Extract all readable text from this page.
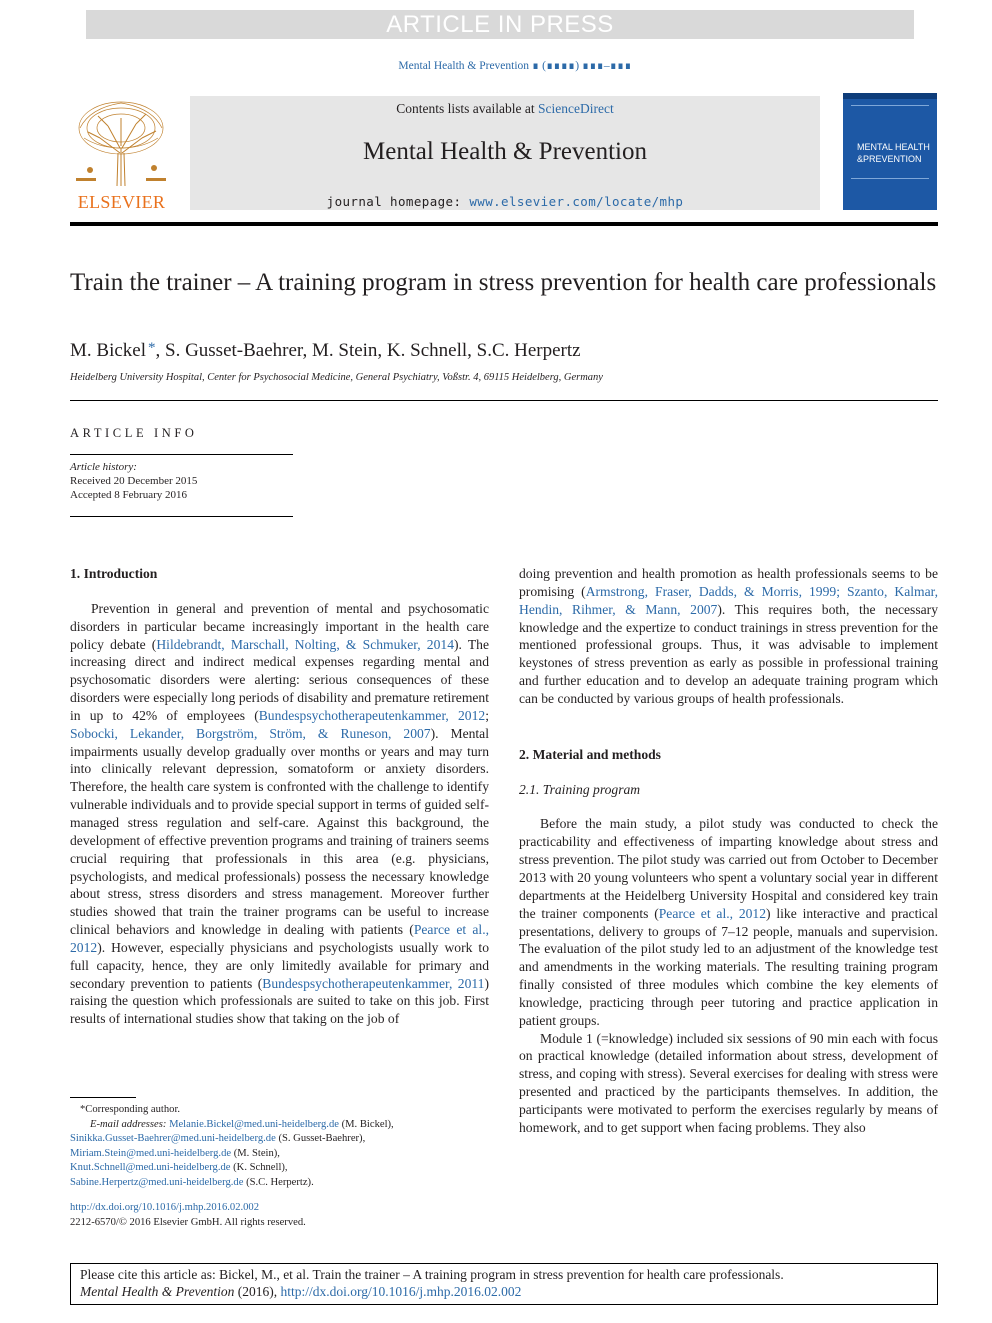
ARTICLE IN PRESS
Mental Health & Prevention ∎ (∎∎∎∎) ∎∎∎–∎∎∎
ELSEVIER
Contents lists available at ScienceDirect
Mental Health & Prevention
journal homepage: www.elsevier.com/locate/mhp
MENTAL HEALTH
&PREVENTION
Train the trainer – A training program in stress prevention for health care professionals
M. Bickel *, S. Gusset-Baehrer, M. Stein, K. Schnell, S.C. Herpertz
Heidelberg University Hospital, Center for Psychosocial Medicine, General Psychiatry, Voßstr. 4, 69115 Heidelberg, Germany
ARTICLE INFO
Article history:
Received 20 December 2015
Accepted 8 February 2016
1. Introduction
Prevention in general and prevention of mental and psychosomatic disorders in particular became increasingly important in the health care policy debate (Hildebrandt, Marschall, Nolting, & Schmuker, 2014). The increasing direct and indirect medical expenses regarding mental and psychosomatic disorders were alerting: serious consequences of these disorders were especially long periods of disability and premature retirement in up to 42% of employees (Bundespsychotherapeutenkammer, 2012; Sobocki, Lekander, Borgström, Ström, & Runeson, 2007). Mental impairments usually develop gradually over months or years and may turn into clinically relevant depression, somatoform or anxiety disorders. Therefore, the health care system is confronted with the challenge to identify vulnerable individuals and to provide special support in terms of guided self-managed stress regulation and self-care. Against this background, the development of effective prevention programs and training of trainers seems crucial requiring that professionals in this area (e.g. physicians, psychologists, and medical professionals) possess the necessary knowledge about stress, stress disorders and stress management. Moreover further studies showed that train the trainer programs can be useful to increase clinical behaviors and knowledge in dealing with patients (Pearce et al., 2012). However, especially physicians and psychologists usually work to full capacity, hence, they are only limitedly available for primary and secondary prevention to patients (Bundespsychotherapeutenkammer, 2011) raising the question which professionals are suited to take on this job. First results of international studies show that taking on the job of
*Corresponding author.
E-mail addresses: Melanie.Bickel@med.uni-heidelberg.de (M. Bickel),
Sinikka.Gusset-Baehrer@med.uni-heidelberg.de (S. Gusset-Baehrer),
Miriam.Stein@med.uni-heidelberg.de (M. Stein),
Knut.Schnell@med.uni-heidelberg.de (K. Schnell),
Sabine.Herpertz@med.uni-heidelberg.de (S.C. Herpertz).
http://dx.doi.org/10.1016/j.mhp.2016.02.002
2212-6570/© 2016 Elsevier GmbH. All rights reserved.
doing prevention and health promotion as health professionals seems to be promising (Armstrong, Fraser, Dadds, & Morris, 1999; Szanto, Kalmar, Hendin, Rihmer, & Mann, 2007). This requires both, the necessary knowledge and the expertize to conduct trainings in stress prevention for the mentioned professional groups. Thus, it was advisable to implement keystones of stress prevention as early as possible in professional training and further education and to develop an adequate training program which can be conducted by various groups of health professionals.
2. Material and methods
2.1. Training program
Before the main study, a pilot study was conducted to check the practicability and effectiveness of imparting knowledge about stress and stress prevention. The pilot study was carried out from October to December 2013 with 20 young volunteers who spent a voluntary social year in different departments at the Heidelberg University Hospital and considered key train the trainer components (Pearce et al., 2012) like interactive and practical presentations, delivery to groups of 7–12 people, manuals and supervision. The evaluation of the pilot study led to an adjustment of the knowledge test and amendments in the working materials. The resulting training program finally consisted of three modules which combine the key elements of knowledge, practicing through peer tutoring and practice application in patient groups.
Module 1 (=knowledge) included six sessions of 90 min each with focus on practical knowledge (detailed information about stress, development of stress, and coping with stress). Several exercises for dealing with stress were presented and practiced by the participants themselves. In addition, the participants were motivated to perform the exercises regularly by means of homework, and to get support when facing problems. They also
Please cite this article as: Bickel, M., et al. Train the trainer – A training program in stress prevention for health care professionals.
Mental Health & Prevention (2016), http://dx.doi.org/10.1016/j.mhp.2016.02.002
